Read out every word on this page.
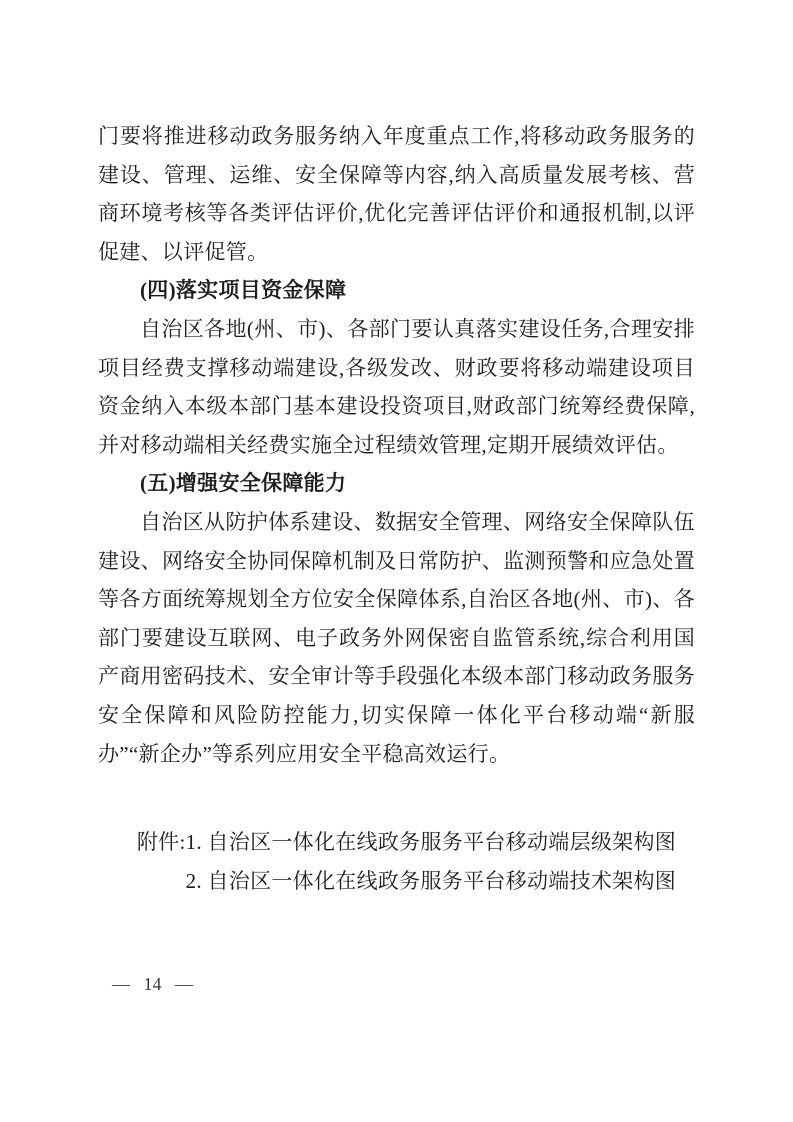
门要将推进移动政务服务纳入年度重点工作,将移动政务服务的建设、管理、运维、安全保障等内容,纳入高质量发展考核、营商环境考核等各类评估评价,优化完善评估评价和通报机制,以评促建、以评促管。

(四)落实项目资金保障

自治区各地(州、市)、各部门要认真落实建设任务,合理安排项目经费支撑移动端建设,各级发改、财政要将移动端建设项目资金纳入本级本部门基本建设投资项目,财政部门统筹经费保障,并对移动端相关经费实施全过程绩效管理,定期开展绩效评估。

(五)增强安全保障能力

自治区从防护体系建设、数据安全管理、网络安全保障队伍建设、网络安全协同保障机制及日常防护、监测预警和应急处置等各方面统筹规划全方位安全保障体系,自治区各地(州、市)、各部门要建设互联网、电子政务外网保密自监管系统,综合利用国产商用密码技术、安全审计等手段强化本级本部门移动政务服务安全保障和风险防控能力,切实保障一体化平台移动端“新服办”“新企办”等系列应用安全平稳高效运行。

附件: 1. 自治区一体化在线政务服务平台移动端层级架构图
2. 自治区一体化在线政务服务平台移动端技术架构图
— 14 —
